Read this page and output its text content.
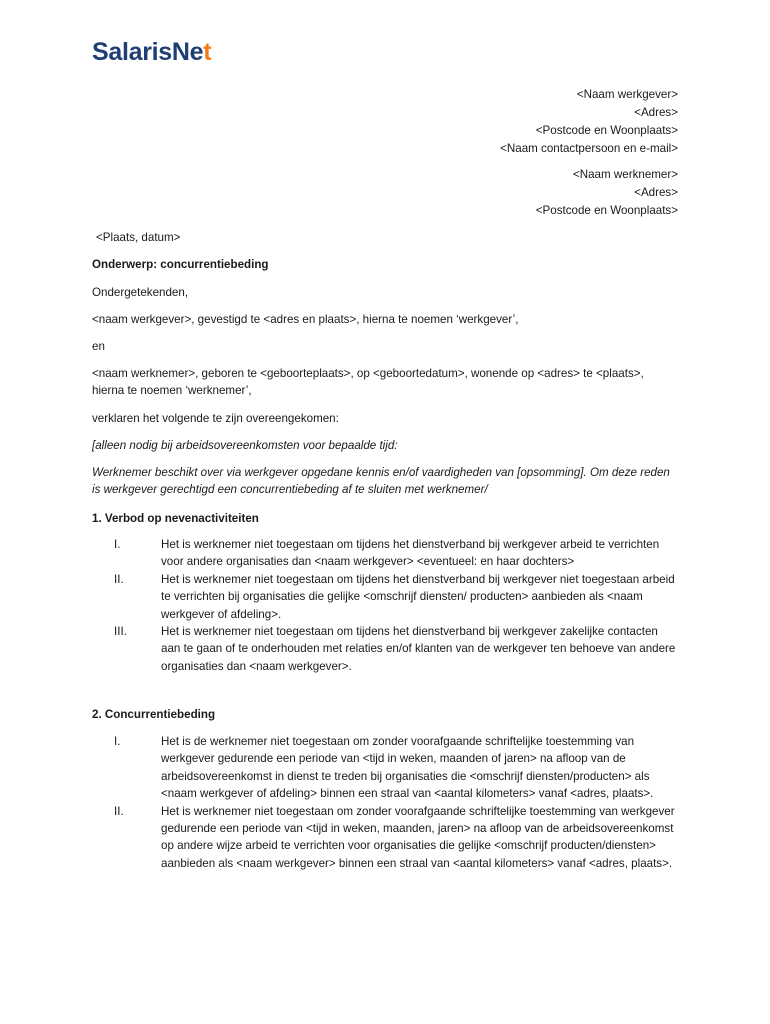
SalarisNet

<Naam werkgever>

<Adres>

<Postcode en Woonplaats>

<Naam contactpersoon en e-mail>

<Naam werknemer>

<Adres>

<Postcode en Woonplaats>

<Plaats, datum>

Onderwerp: concurrentiebeding

Ondergetekenden,

<naam werkgever>, gevestigd te <adres en plaats>, hierna te noemen ‘werkgever’,

en

<naam werknemer>, geboren te <geboorteplaats>, op <geboortedatum>, wonende op <adres> te <plaats>, hierna te noemen ‘werknemer’,

verklaren het volgende te zijn overeengekomen:

[alleen nodig bij arbeidsovereenkomsten voor bepaalde tijd:

Werknemer beschikt over via werkgever opgedane kennis en/of vaardigheden van [opsomming]. Om deze reden is werkgever gerechtigd een concurrentiebeding af te sluiten met werknemer/

1. Verbod op nevenactiviteiten

I.	Het is werknemer niet toegestaan om tijdens het dienstverband bij werkgever arbeid te verrichten voor andere organisaties dan <naam werkgever> <eventueel: en haar dochters>
II.	Het is werknemer niet toegestaan om tijdens het dienstverband bij werkgever niet toegestaan arbeid te verrichten bij organisaties die gelijke <omschrijf diensten/ producten> aanbieden als <naam werkgever of afdeling>.
III.	Het is werknemer niet toegestaan om tijdens het dienstverband bij werkgever zakelijke contacten aan te gaan of te onderhouden met relaties en/of klanten van de werkgever ten behoeve van andere organisaties dan <naam werkgever>.

2. Concurrentiebeding

I.	Het is de werknemer niet toegestaan om zonder voorafgaande schriftelijke toestemming van werkgever gedurende een periode van <tijd in weken, maanden of jaren> na afloop van de arbeidsovereenkomst in dienst te treden bij organisaties die <omschrijf diensten/producten> als <naam werkgever of afdeling> binnen een straal van <aantal kilometers> vanaf <adres, plaats>.
II.	Het is werknemer niet toegestaan om zonder voorafgaande schriftelijke toestemming van werkgever gedurende een periode van <tijd in weken, maanden, jaren> na afloop van de arbeidsovereenkomst op andere wijze arbeid te verrichten voor organisaties die gelijke <omschrijf producten/diensten> aanbieden als <naam werkgever> binnen een straal van <aantal kilometers> vanaf <adres, plaats>.
